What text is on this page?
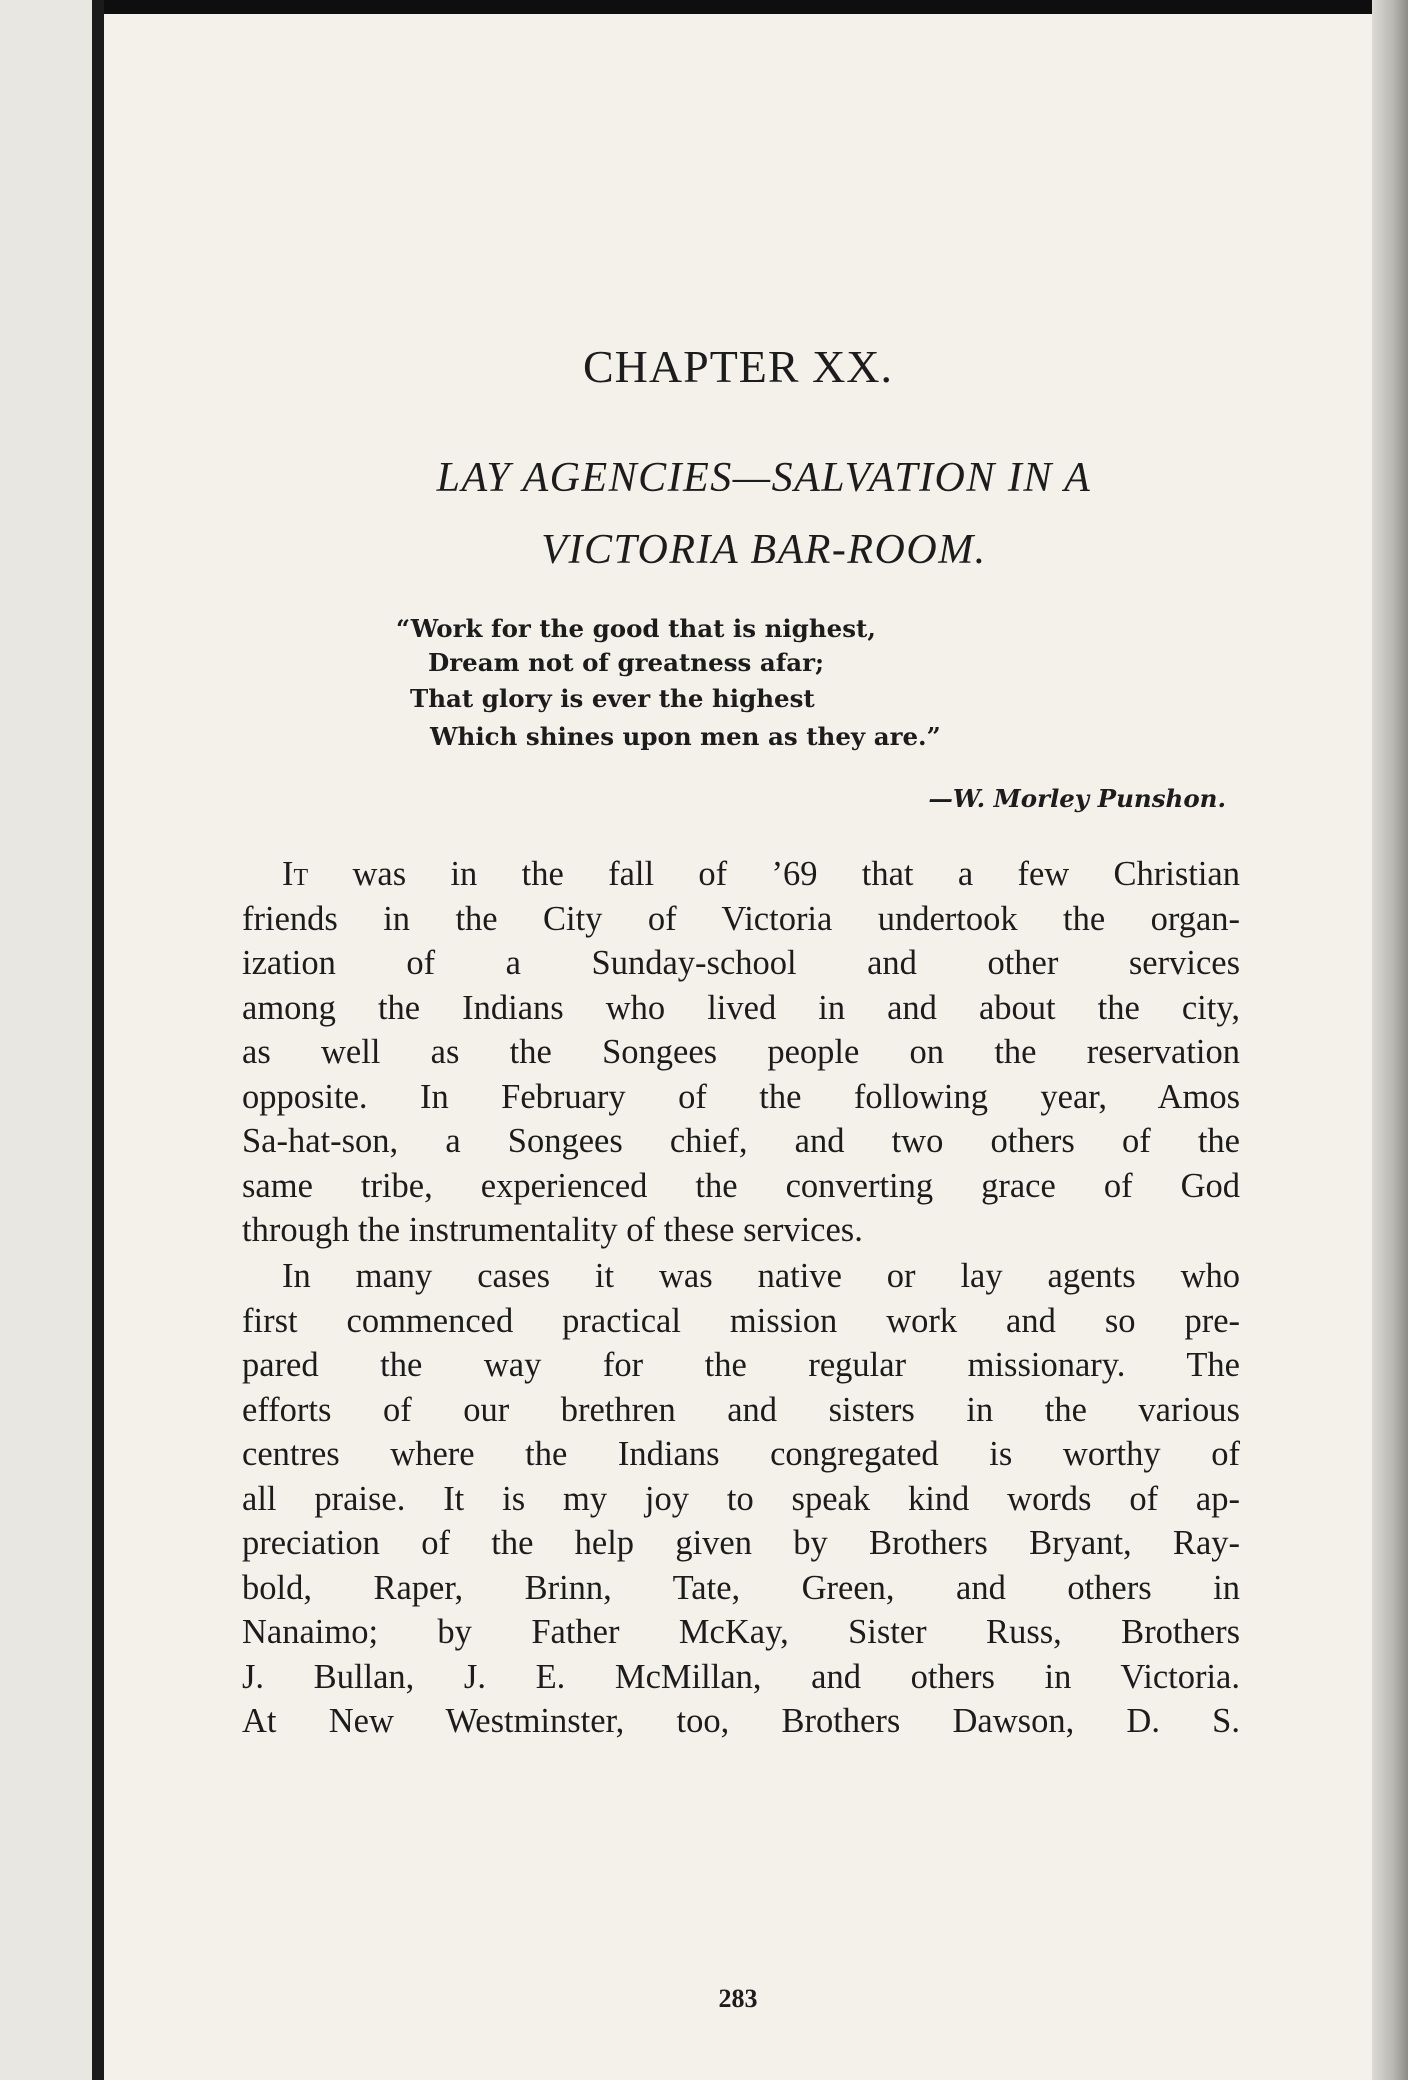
CHAPTER XX.
LAY AGENCIES—SALVATION IN A
VICTORIA BAR-ROOM.
“Work for the good that is nighest,
Dream not of greatness afar;
That glory is ever the highest
Which shines upon men as they are.”
—W. Morley Punshon.
It was in the fall of ’69 that a few Christian
friends in the City of Victoria undertook the organ-
ization of a Sunday-school and other services
among the Indians who lived in and about the city,
as well as the Songees people on the reservation
opposite. In February of the following year, Amos
Sa-hat-son, a Songees chief, and two others of the
same tribe, experienced the converting grace of God
through the instrumentality of these services.
In many cases it was native or lay agents who
first commenced practical mission work and so pre-
pared the way for the regular missionary. The
efforts of our brethren and sisters in the various
centres where the Indians congregated is worthy of
all praise. It is my joy to speak kind words of ap-
preciation of the help given by Brothers Bryant, Ray-
bold, Raper, Brinn, Tate, Green, and others in
Nanaimo; by Father McKay, Sister Russ, Brothers
J. Bullan, J. E. McMillan, and others in Victoria.
At New Westminster, too, Brothers Dawson, D. S.
283
